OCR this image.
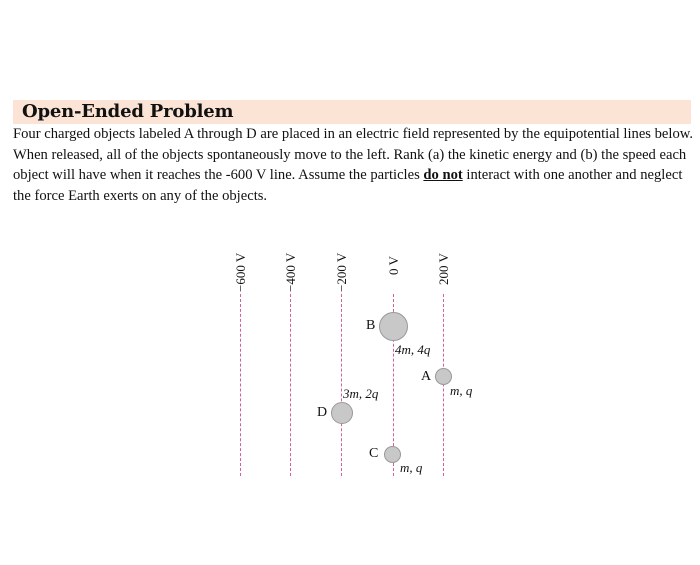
Open-Ended Problem
Four charged objects labeled A through D are placed in an electric field represented by the equipotential lines below. When released, all of the objects spontaneously move to the left. Rank (a) the kinetic energy and (b) the speed each object will have when it reaches the -600 V line. Assume the particles do not interact with one another and neglect the force Earth exerts on any of the objects.
−600 V	−400 V	−200 V	0 V	200 V
B
4m, 4q
A
m, q
3m, 2q
D
C
m, q
